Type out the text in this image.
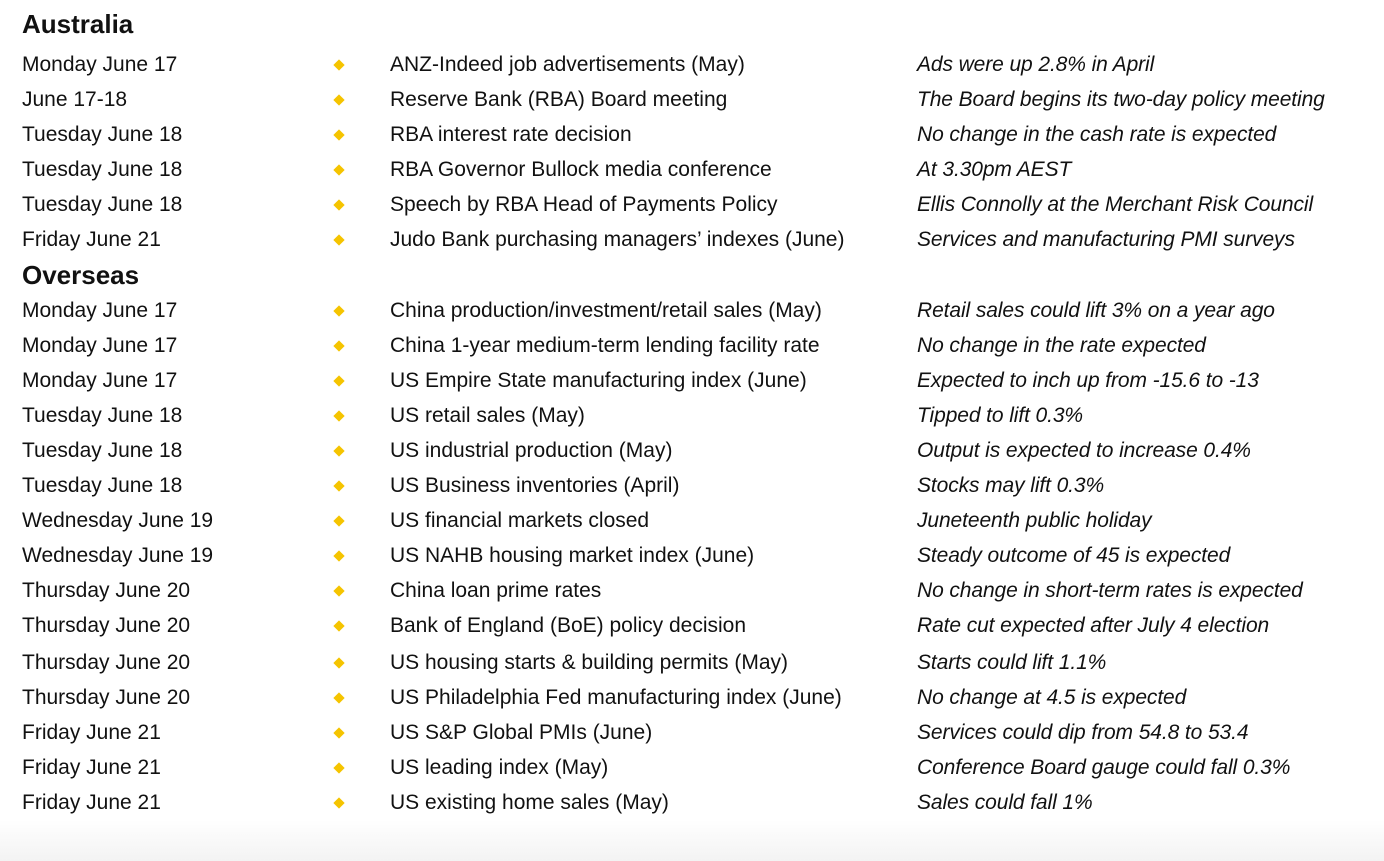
Australia
Monday June 17	ANZ-Indeed job advertisements (May)	Ads were up 2.8% in April
June 17-18	Reserve Bank (RBA) Board meeting	The Board begins its two-day policy meeting
Tuesday June 18	RBA interest rate decision	No change in the cash rate is expected
Tuesday June 18	RBA Governor Bullock media conference	At 3.30pm AEST
Tuesday June 18	Speech by RBA Head of Payments Policy	Ellis Connolly at the Merchant Risk Council
Friday June 21	Judo Bank purchasing managers’ indexes (June)	Services and manufacturing PMI surveys
Overseas
Monday June 17	China production/investment/retail sales (May)	Retail sales could lift 3% on a year ago
Monday June 17	China 1-year medium-term lending facility rate	No change in the rate expected
Monday June 17	US Empire State manufacturing index (June)	Expected to inch up from -15.6 to -13
Tuesday June 18	US retail sales (May)	Tipped to lift 0.3%
Tuesday June 18	US industrial production (May)	Output is expected to increase 0.4%
Tuesday June 18	US Business inventories (April)	Stocks may lift 0.3%
Wednesday June 19	US financial markets closed	Juneteenth public holiday
Wednesday June 19	US NAHB housing market index (June)	Steady outcome of 45 is expected
Thursday June 20	China loan prime rates	No change in short-term rates is expected
Thursday June 20	Bank of England (BoE) policy decision	Rate cut expected after July 4 election
Thursday June 20	US housing starts & building permits (May)	Starts could lift 1.1%
Thursday June 20	US Philadelphia Fed manufacturing index (June)	No change at 4.5 is expected
Friday June 21	US S&P Global PMIs (June)	Services could dip from 54.8 to 53.4
Friday June 21	US leading index (May)	Conference Board gauge could fall 0.3%
Friday June 21	US existing home sales (May)	Sales could fall 1%
